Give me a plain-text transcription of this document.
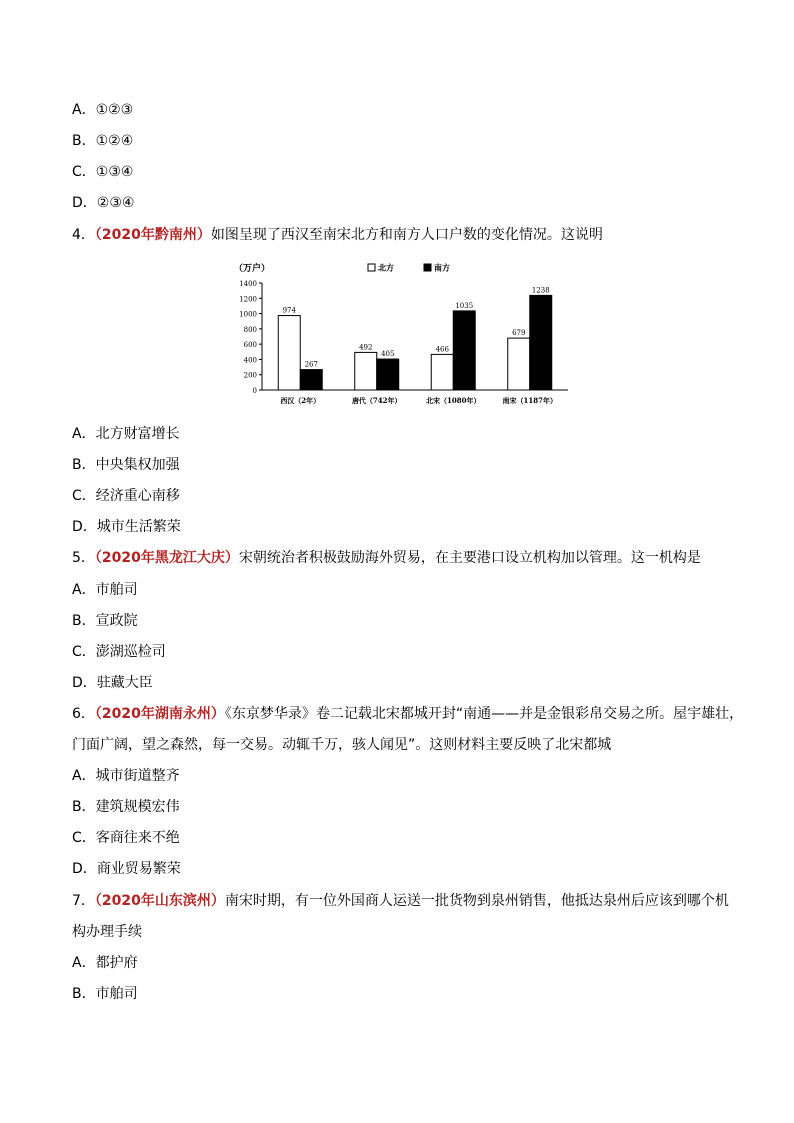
A．①②③
B．①②④
C．①③④
D．②③④
4．（2020年黔南州）如图呈现了西汉至南宋北方和南方人口户数的变化情况。这说明
（万户）	北方	南方
0
200
400
600
800
1000
1200
1400
974
267
492
405
466
1035
679
1238
西汉（2年）	唐代（742年）	北宋（1080年）	南宋（1187年）
A．北方财富增长
B．中央集权加强
C．经济重心南移
D．城市生活繁荣
5．（2020年黑龙江大庆）宋朝统治者积极鼓励海外贸易，在主要港口设立机构加以管理。这一机构是
A．市舶司
B．宣政院
C．澎湖巡检司
D．驻藏大臣
6．（2020年湖南永州）《东京梦华录》卷二记载北宋都城开封“南通——并是金银彩帛交易之所。屋宇雄壮，
门面广阔，望之森然，每一交易。动辄千万，骇人闻见”。这则材料主要反映了北宋都城
A．城市街道整齐
B．建筑规模宏伟
C．客商往来不绝
D．商业贸易繁荣
7．（2020年山东滨州）南宋时期，有一位外国商人运送一批货物到泉州销售，他抵达泉州后应该到哪个机
构办理手续
A．都护府
B．市舶司
